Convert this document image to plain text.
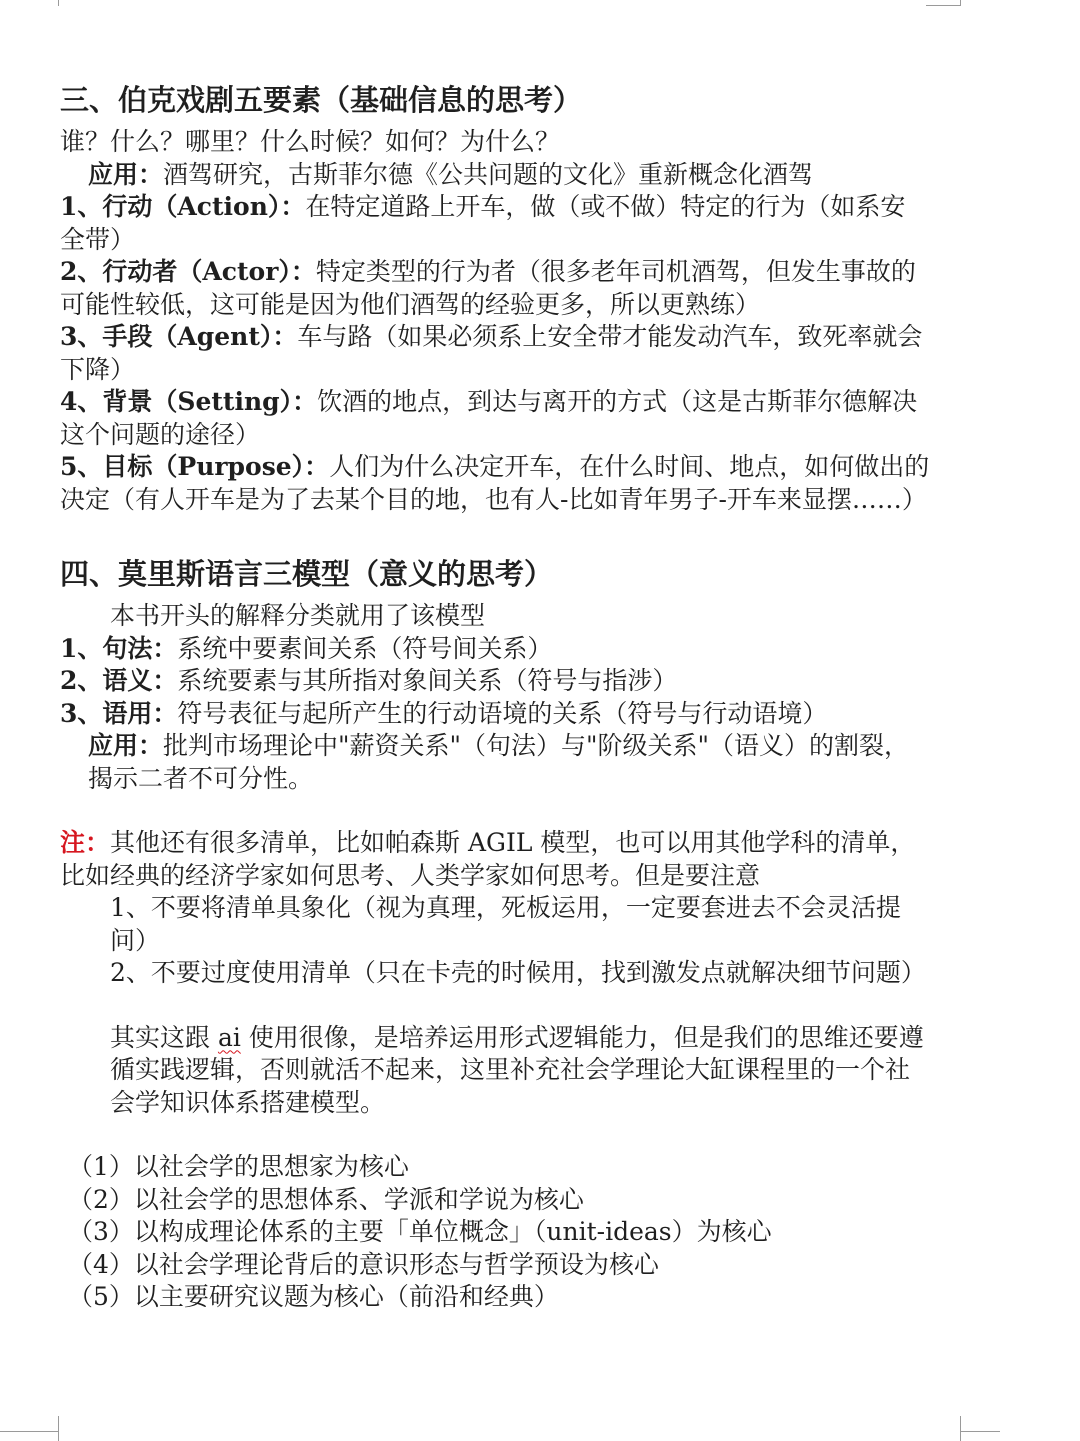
三、伯克戏剧五要素（基础信息的思考）

谁？什么？哪里？什么时候？如何？为什么？

应用：酒驾研究，古斯菲尔德《公共问题的文化》重新概念化酒驾

1、行动（Action）：在特定道路上开车，做（或不做）特定的行为（如系安全带）

2、行动者（Actor）：特定类型的行为者（很多老年司机酒驾，但发生事故的可能性较低，这可能是因为他们酒驾的经验更多，所以更熟练）

3、手段（Agent）：车与路（如果必须系上安全带才能发动汽车，致死率就会下降）

4、背景（Setting）：饮酒的地点，到达与离开的方式（这是古斯菲尔德解决这个问题的途径）

5、目标（Purpose）：人们为什么决定开车，在什么时间、地点，如何做出的决定（有人开车是为了去某个目的地，也有人-比如青年男子-开车来显摆……）

四、莫里斯语言三模型（意义的思考）

本书开头的解释分类就用了该模型

1、句法：系统中要素间关系（符号间关系）

2、语义：系统要素与其所指对象间关系（符号与指涉）

3、语用：符号表征与起所产生的行动语境的关系（符号与行动语境）

应用：批判市场理论中"薪资关系"（句法）与"阶级关系"（语义）的割裂，揭示二者不可分性。

注：其他还有很多清单，比如帕森斯 AGIL 模型，也可以用其他学科的清单，比如经典的经济学家如何思考、人类学家如何思考。但是要注意

1、不要将清单具象化（视为真理，死板运用，一定要套进去不会灵活提问）

2、不要过度使用清单（只在卡壳的时候用，找到激发点就解决细节问题）

其实这跟 ai 使用很像，是培养运用形式逻辑能力，但是我们的思维还要遵循实践逻辑，否则就活不起来，这里补充社会学理论大缸课程里的一个社会学知识体系搭建模型。

（1）以社会学的思想家为核心

（2）以社会学的思想体系、学派和学说为核心

（3）以构成理论体系的主要「单位概念」（unit-ideas）为核心

（4）以社会学理论背后的意识形态与哲学预设为核心

（5）以主要研究议题为核心（前沿和经典）
